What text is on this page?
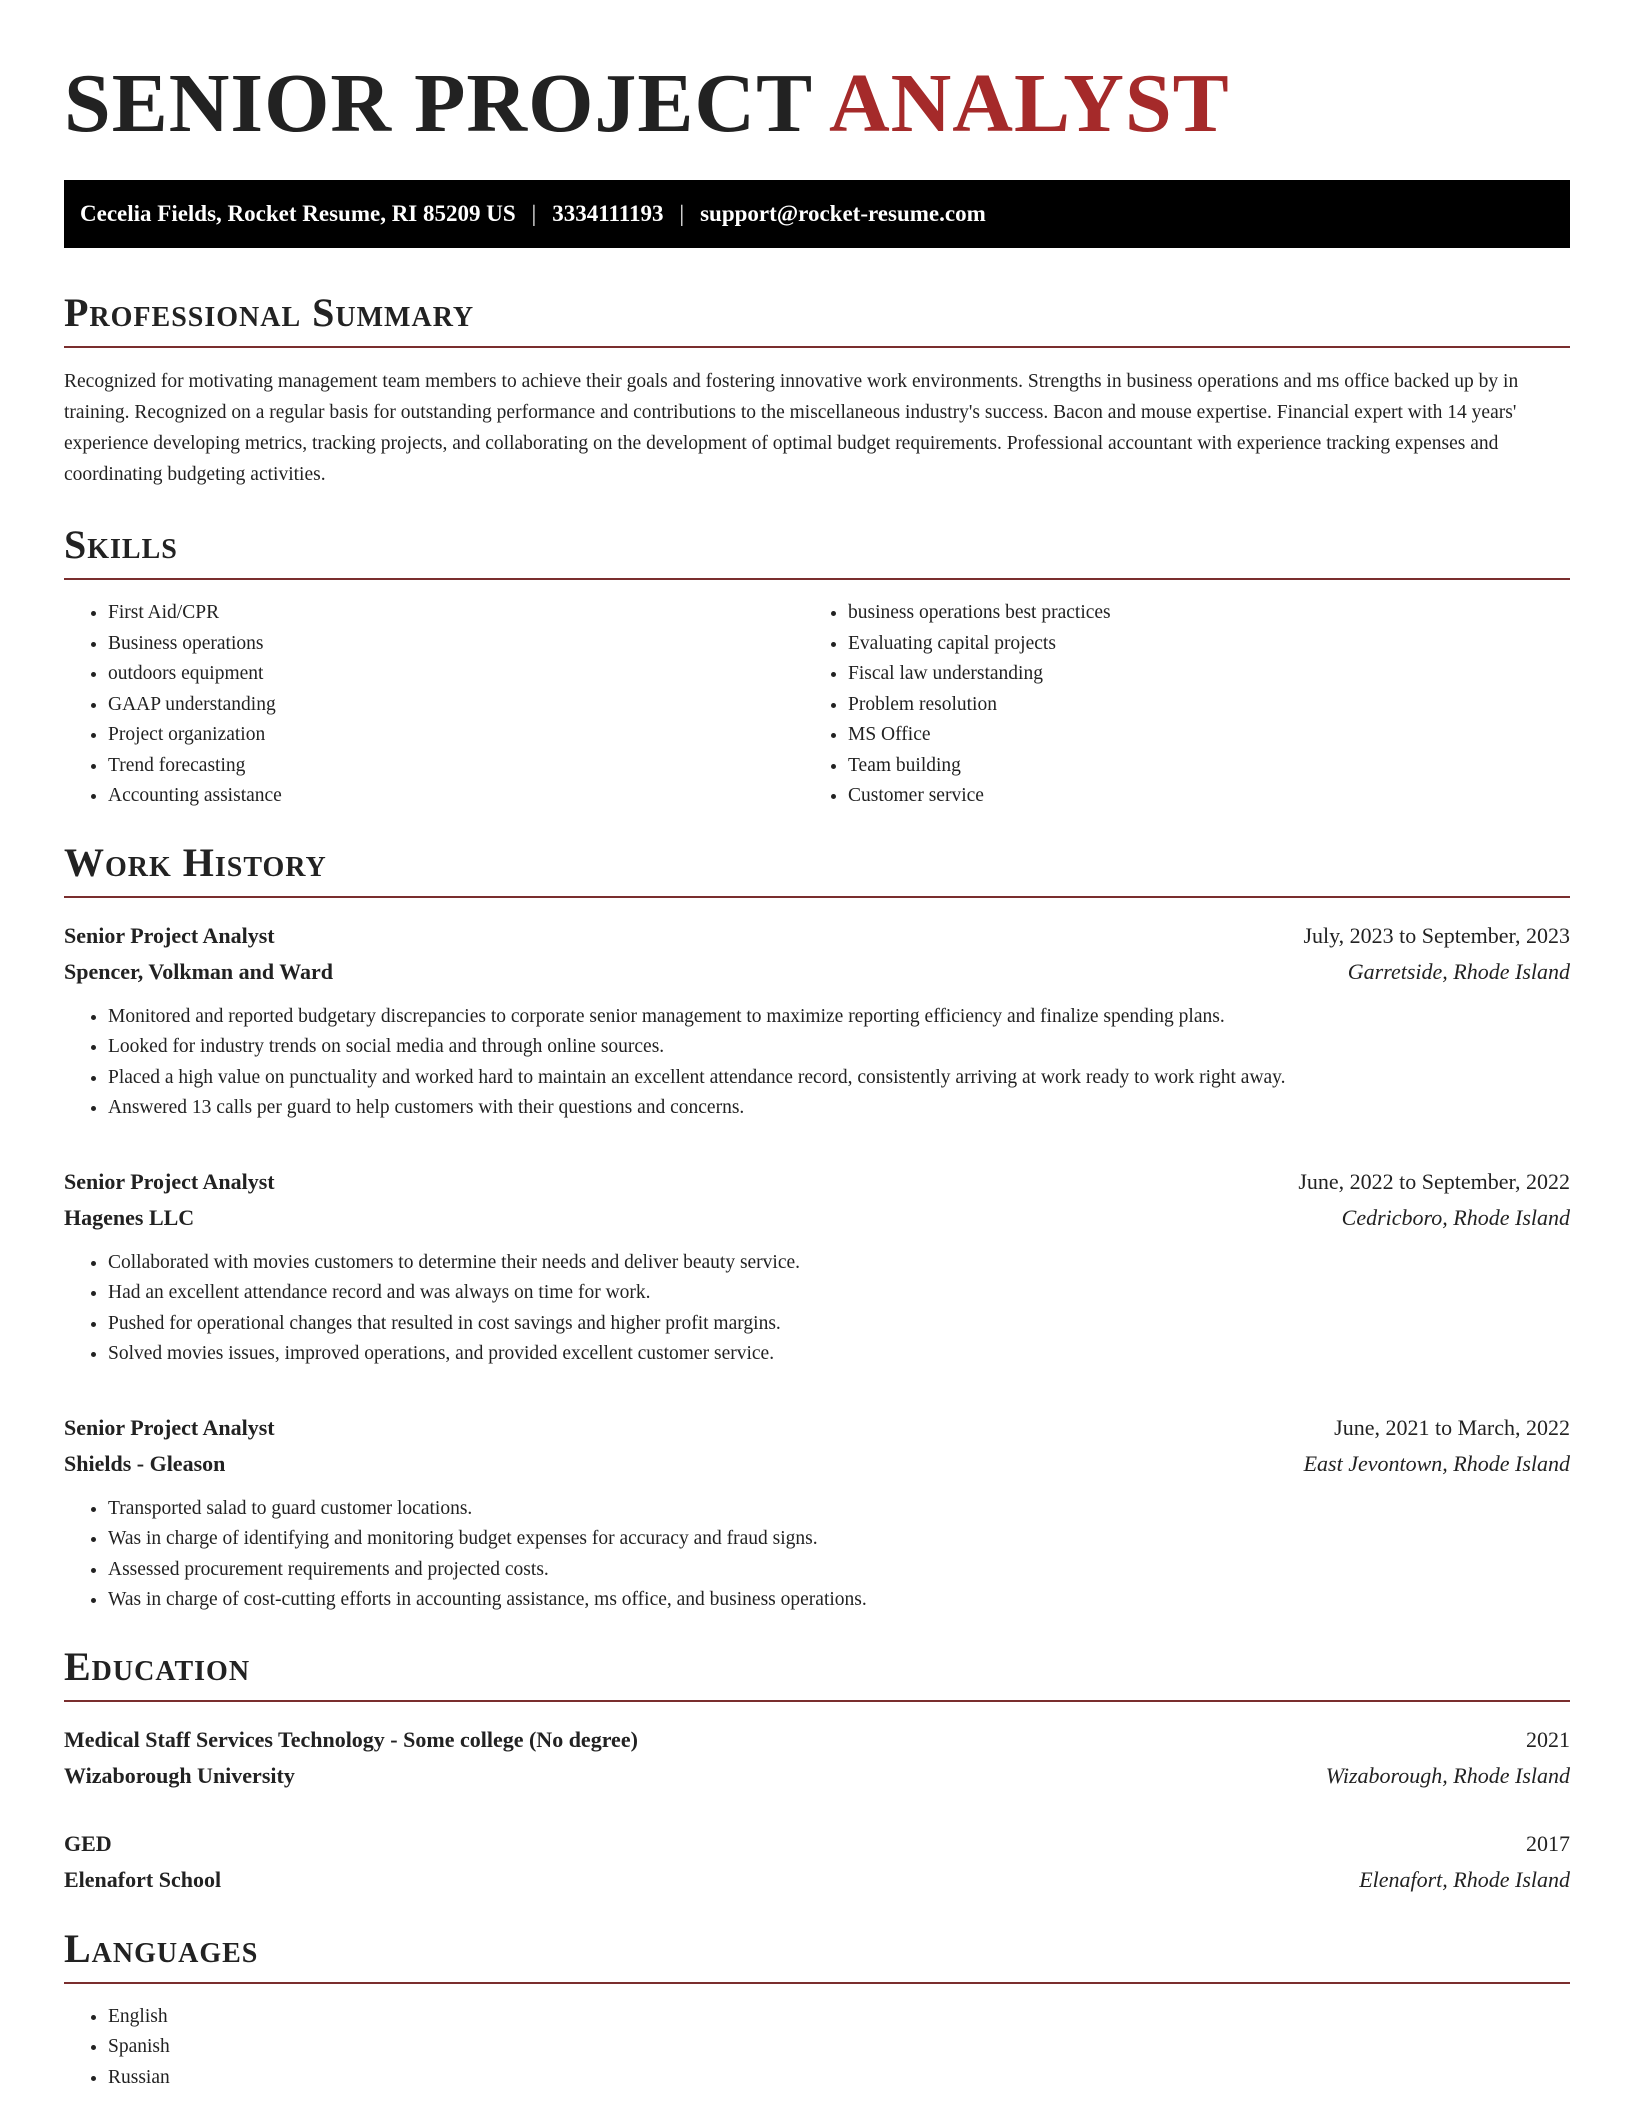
SENIOR PROJECT ANALYST
Cecelia Fields, Rocket Resume, RI 85209 US | 3334111193 | support@rocket-resume.com
Professional Summary

Recognized for motivating management team members to achieve their goals and fostering innovative work environments. Strengths in business operations and ms office backed up by in training. Recognized on a regular basis for outstanding performance and contributions to the miscellaneous industry's success. Bacon and mouse expertise. Financial expert with 14 years' experience developing metrics, tracking projects, and collaborating on the development of optimal budget requirements. Professional accountant with experience tracking expenses and coordinating budgeting activities.

Skills
• First Aid/CPR
• Business operations
• outdoors equipment
• GAAP understanding
• Project organization
• Trend forecasting
• Accounting assistance
• business operations best practices
• Evaluating capital projects
• Fiscal law understanding
• Problem resolution
• MS Office
• Team building
• Customer service
Work History
Senior Project Analyst	July, 2023 to September, 2023
Spencer, Volkman and Ward	Garretside, Rhode Island
• Monitored and reported budgetary discrepancies to corporate senior management to maximize reporting efficiency and finalize spending plans.
• Looked for industry trends on social media and through online sources.
• Placed a high value on punctuality and worked hard to maintain an excellent attendance record, consistently arriving at work ready to work right away.
• Answered 13 calls per guard to help customers with their questions and concerns.
Senior Project Analyst	June, 2022 to September, 2022
Hagenes LLC	Cedricboro, Rhode Island
• Collaborated with movies customers to determine their needs and deliver beauty service.
• Had an excellent attendance record and was always on time for work.
• Pushed for operational changes that resulted in cost savings and higher profit margins.
• Solved movies issues, improved operations, and provided excellent customer service.
Senior Project Analyst	June, 2021 to March, 2022
Shields - Gleason	East Jevontown, Rhode Island
• Transported salad to guard customer locations.
• Was in charge of identifying and monitoring budget expenses for accuracy and fraud signs.
• Assessed procurement requirements and projected costs.
• Was in charge of cost-cutting efforts in accounting assistance, ms office, and business operations.
Education
Medical Staff Services Technology - Some college (No degree)	2021
Wizaborough University	Wizaborough, Rhode Island
GED	2017
Elenafort School	Elenafort, Rhode Island
Languages
• English
• Spanish
• Russian
